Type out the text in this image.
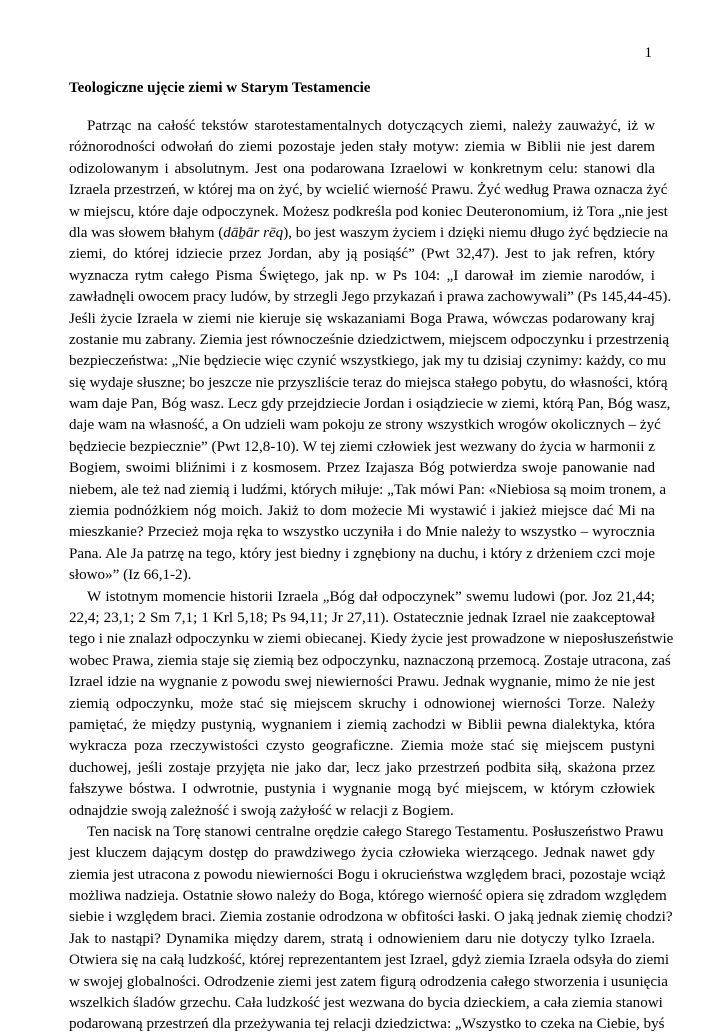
1
Teologiczne ujęcie ziemi w Starym Testamencie
Patrząc na całość tekstów starotestamentalnych dotyczących ziemi, należy zauważyć, iż w
różnorodności odwołań do ziemi pozostaje jeden stały motyw: ziemia w Biblii nie jest darem
odizolowanym i absolutnym. Jest ona podarowana Izraelowi w konkretnym celu: stanowi dla
Izraela przestrzeń, w której ma on żyć, by wcielić wierność Prawu. Żyć według Prawa oznacza żyć
w miejscu, które daje odpoczynek. Możesz podkreśla pod koniec Deuteronomium, iż Tora „nie jest
dla was słowem błahym (dāḇār rēq), bo jest waszym życiem i dzięki niemu długo żyć będziecie na
ziemi, do której idziecie przez Jordan, aby ją posiąść” (Pwt 32,47). Jest to jak refren, który
wyznacza rytm całego Pisma Świętego, jak np. w Ps 104: „I darował im ziemie narodów, i
zawładnęli owocem pracy ludów, by strzegli Jego przykazań i prawa zachowywali” (Ps 145,44-45).
Jeśli życie Izraela w ziemi nie kieruje się wskazaniami Boga Prawa, wówczas podarowany kraj
zostanie mu zabrany. Ziemia jest równocześnie dziedzictwem, miejscem odpoczynku i przestrzenią
bezpieczeństwa: „Nie będziecie więc czynić wszystkiego, jak my tu dzisiaj czynimy: każdy, co mu
się wydaje słuszne; bo jeszcze nie przyszliście teraz do miejsca stałego pobytu, do własności, którą
wam daje Pan, Bóg wasz. Lecz gdy przejdziecie Jordan i osiądziecie w ziemi, którą Pan, Bóg wasz,
daje wam na własność, a On udzieli wam pokoju ze strony wszystkich wrogów okolicznych – żyć
będziecie bezpiecznie” (Pwt 12,8-10). W tej ziemi człowiek jest wezwany do życia w harmonii z
Bogiem, swoimi bliźnimi i z kosmosem. Przez Izajasza Bóg potwierdza swoje panowanie nad
niebem, ale też nad ziemią i ludźmi, których miłuje: „Tak mówi Pan: «Niebiosa są moim tronem, a
ziemia podnóżkiem nóg moich. Jakiż to dom możecie Mi wystawić i jakież miejsce dać Mi na
mieszkanie? Przecież moja ręka to wszystko uczyniła i do Mnie należy to wszystko – wyrocznia
Pana. Ale Ja patrzę na tego, który jest biedny i zgnębiony na duchu, i który z drżeniem czci moje
słowo»” (Iz 66,1-2).
W istotnym momencie historii Izraela „Bóg dał odpoczynek” swemu ludowi (por. Joz 21,44;
22,4; 23,1; 2 Sm 7,1; 1 Krl 5,18; Ps 94,11; Jr 27,11). Ostatecznie jednak Izrael nie zaakceptował
tego i nie znalazł odpoczynku w ziemi obiecanej. Kiedy życie jest prowadzone w nieposłuszeństwie
wobec Prawa, ziemia staje się ziemią bez odpoczynku, naznaczoną przemocą. Zostaje utracona, zaś
Izrael idzie na wygnanie z powodu swej niewierności Prawu. Jednak wygnanie, mimo że nie jest
ziemią odpoczynku, może stać się miejscem skruchy i odnowionej wierności Torze. Należy
pamiętać, że między pustynią, wygnaniem i ziemią zachodzi w Biblii pewna dialektyka, która
wykracza poza rzeczywistości czysto geograficzne. Ziemia może stać się miejscem pustyni
duchowej, jeśli zostaje przyjęta nie jako dar, lecz jako przestrzeń podbita siłą, skażona przez
fałszywe bóstwa. I odwrotnie, pustynia i wygnanie mogą być miejscem, w którym człowiek
odnajdzie swoją zależność i swoją zażyłość w relacji z Bogiem.
Ten nacisk na Torę stanowi centralne orędzie całego Starego Testamentu. Posłuszeństwo Prawu
jest kluczem dającym dostęp do prawdziwego życia człowieka wierzącego. Jednak nawet gdy
ziemia jest utracona z powodu niewierności Bogu i okrucieństwa względem braci, pozostaje wciąż
możliwa nadzieja. Ostatnie słowo należy do Boga, którego wierność opiera się zdradom względem
siebie i względem braci. Ziemia zostanie odrodzona w obfitości łaski. O jaką jednak ziemię chodzi?
Jak to nastąpi? Dynamika między darem, stratą i odnowieniem daru nie dotyczy tylko Izraela.
Otwiera się na całą ludzkość, której reprezentantem jest Izrael, gdyż ziemia Izraela odsyła do ziemi
w swojej globalności. Odrodzenie ziemi jest zatem figurą odrodzenia całego stworzenia i usunięcia
wszelkich śladów grzechu. Cała ludzkość jest wezwana do bycia dzieckiem, a cała ziemia stanowi
podarowaną przestrzeń dla przeżywania tej relacji dziedzictwa: „Wszystko to czeka na Ciebie, byś
